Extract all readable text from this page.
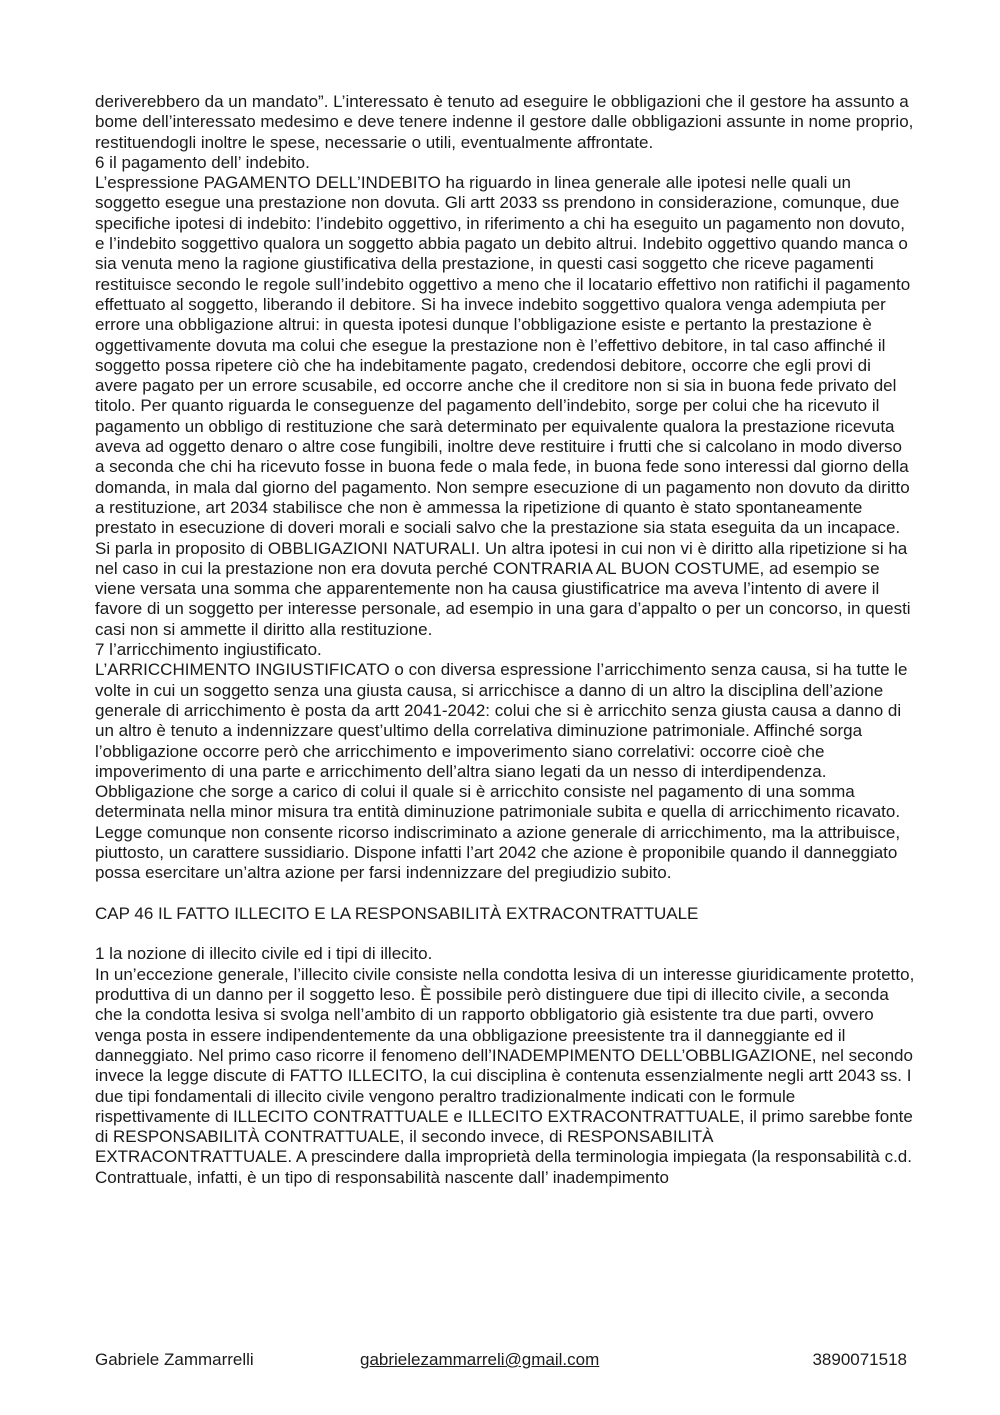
deriverebbero da un mandato”. L’interessato è tenuto ad eseguire le obbligazioni che il gestore ha assunto a bome dell’interessato medesimo e deve tenere indenne il gestore dalle obbligazioni assunte in nome proprio, restituendogli inoltre le spese, necessarie o utili, eventualmente affrontate.

6 il pagamento dell’ indebito.

L’espressione PAGAMENTO DELL’INDEBITO ha riguardo in linea generale alle ipotesi nelle quali un soggetto esegue una prestazione non dovuta. Gli artt 2033 ss prendono in considerazione, comunque, due specifiche ipotesi di indebito: l’indebito oggettivo, in riferimento a chi ha eseguito un pagamento non dovuto, e l’indebito soggettivo qualora un soggetto abbia pagato un debito altrui. Indebito oggettivo quando manca o sia venuta meno la ragione giustificativa della prestazione, in questi casi soggetto che riceve pagamenti restituisce secondo le regole sull’indebito oggettivo a meno che il locatario effettivo non ratifichi il pagamento effettuato al soggetto, liberando il debitore. Si ha invece indebito soggettivo qualora venga adempiuta per errore una obbligazione altrui: in questa ipotesi dunque l’obbligazione esiste e pertanto la prestazione è oggettivamente dovuta ma colui che esegue la prestazione non è l’effettivo debitore, in tal caso affinché il soggetto possa ripetere ciò che ha indebitamente pagato, credendosi debitore, occorre che egli provi di avere pagato per un errore scusabile, ed occorre anche che il creditore non si sia in buona fede privato del titolo. Per quanto riguarda le conseguenze del pagamento dell’indebito, sorge per colui che ha ricevuto il pagamento un obbligo di restituzione che sarà determinato per equivalente qualora la prestazione ricevuta aveva ad oggetto denaro o altre cose fungibili, inoltre deve restituire i frutti che si calcolano in modo diverso a seconda che chi ha ricevuto fosse in buona fede o mala fede, in buona fede sono interessi dal giorno della domanda, in mala dal giorno del pagamento. Non sempre esecuzione di un pagamento non dovuto da diritto a restituzione, art 2034 stabilisce che non è ammessa la ripetizione di quanto è stato spontaneamente prestato in esecuzione di doveri morali e sociali salvo che la prestazione sia stata eseguita da un incapace. Si parla in proposito di OBBLIGAZIONI NATURALI. Un altra ipotesi in cui non vi è diritto alla ripetizione si ha nel caso in cui la prestazione non era dovuta perché CONTRARIA AL BUON COSTUME, ad esempio se viene versata una somma che apparentemente non ha causa giustificatrice ma aveva l’intento di avere il favore di un soggetto per interesse personale, ad esempio in una gara d’appalto o per un concorso, in questi casi non si ammette il diritto alla restituzione.

7 l’arricchimento ingiustificato.

L’ARRICCHIMENTO INGIUSTIFICATO o con diversa espressione l’arricchimento senza causa, si ha tutte le volte in cui un soggetto senza una giusta causa, si arricchisce a danno di un altro la disciplina dell’azione generale di arricchimento è posta da artt 2041-2042: colui che si è arricchito senza giusta causa a danno di un altro è tenuto a indennizzare quest’ultimo della correlativa diminuzione patrimoniale. Affinché sorga l’obbligazione occorre però che arricchimento e impoverimento siano correlativi: occorre cioè che impoverimento di una parte e arricchimento dell’altra siano legati da un nesso di interdipendenza. Obbligazione che sorge a carico di colui il quale si è arricchito consiste nel pagamento di una somma determinata nella minor misura tra entità diminuzione patrimoniale subita e quella di arricchimento ricavato. Legge comunque non consente ricorso indiscriminato a azione generale di arricchimento, ma la attribuisce, piuttosto, un carattere sussidiario. Dispone infatti l’art 2042 che azione è proponibile quando il danneggiato possa esercitare un’altra azione per farsi indennizzare del pregiudizio subito.

CAP 46 IL FATTO ILLECITO E LA RESPONSABILITÀ EXTRACONTRATTUALE

1 la nozione di illecito civile ed i tipi di illecito.

In un’eccezione generale, l’illecito civile consiste nella condotta lesiva di un interesse giuridicamente protetto, produttiva di un danno per il soggetto leso. È possibile però distinguere due tipi di illecito civile, a seconda che la condotta lesiva si svolga nell’ambito di un rapporto obbligatorio già esistente tra due parti, ovvero venga posta in essere indipendentemente da una obbligazione preesistente tra il danneggiante ed il danneggiato. Nel primo caso ricorre il fenomeno dell’INADEMPIMENTO DELL’OBBLIGAZIONE, nel secondo invece la legge discute di FATTO ILLECITO, la cui disciplina è contenuta essenzialmente negli artt 2043 ss. I due tipi fondamentali di illecito civile vengono peraltro tradizionalmente indicati con le formule rispettivamente di ILLECITO CONTRATTUALE e ILLECITO EXTRACONTRATTUALE, il primo sarebbe fonte di RESPONSABILITÀ CONTRATTUALE, il secondo invece, di RESPONSABILITÀ EXTRACONTRATTUALE. A prescindere dalla improprietà della terminologia impiegata (la responsabilità c.d. Contrattuale, infatti, è un tipo di responsabilità nascente dall’ inadempimento

Gabriele Zammarrelli	gabrielezammarreli@gmail.com	3890071518
